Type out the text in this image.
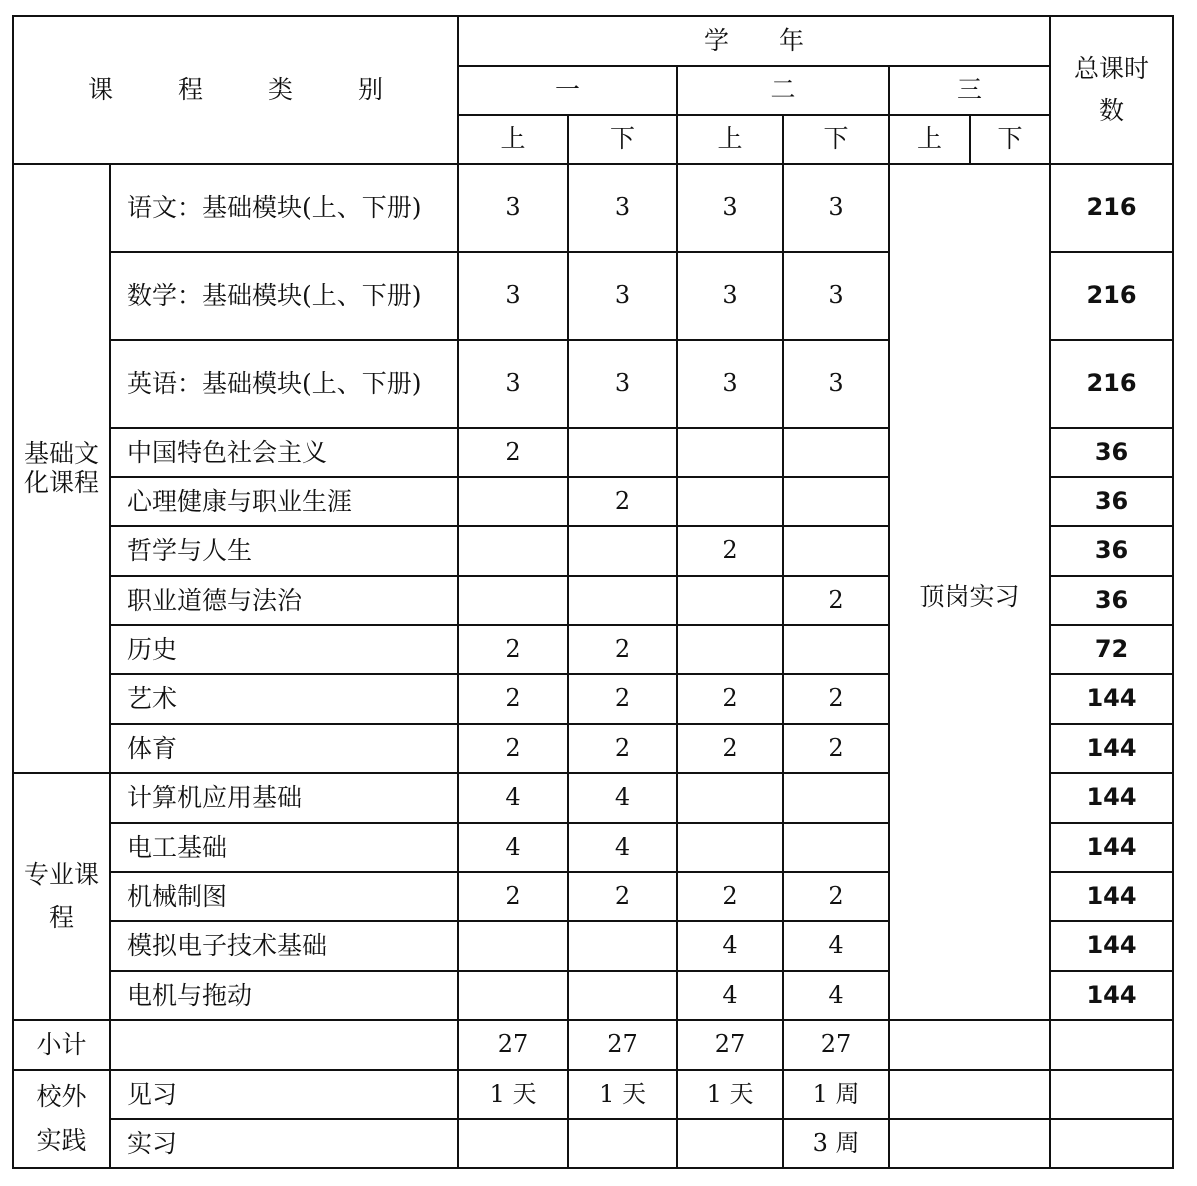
课　程　类　别		学　　年						总课时数
		一		二		三		
		上	下	上	下	上	下	
基础文化课程	语文：基础模块(上、下册)	3	3	3	3	顶岗实习		216
	数学：基础模块(上、下册)	3	3	3	3			216
	英语：基础模块(上、下册)	3	3	3	3			216
	中国特色社会主义	2						36
	心理健康与职业生涯		2					36
	哲学与人生			2				36
	职业道德与法治				2			36
	历史	2	2					72
	艺术	2	2	2	2			144
	体育	2	2	2	2			144
专业课程	计算机应用基础	4	4					144
	电工基础	4	4					144
	机械制图	2	2	2	2			144
	模拟电子技术基础			4	4			144
	电机与拖动			4	4			144
小计		27	27	27	27			
校外实践	见习	1 天	1 天	1 天	1 周			
	实习				3 周			
